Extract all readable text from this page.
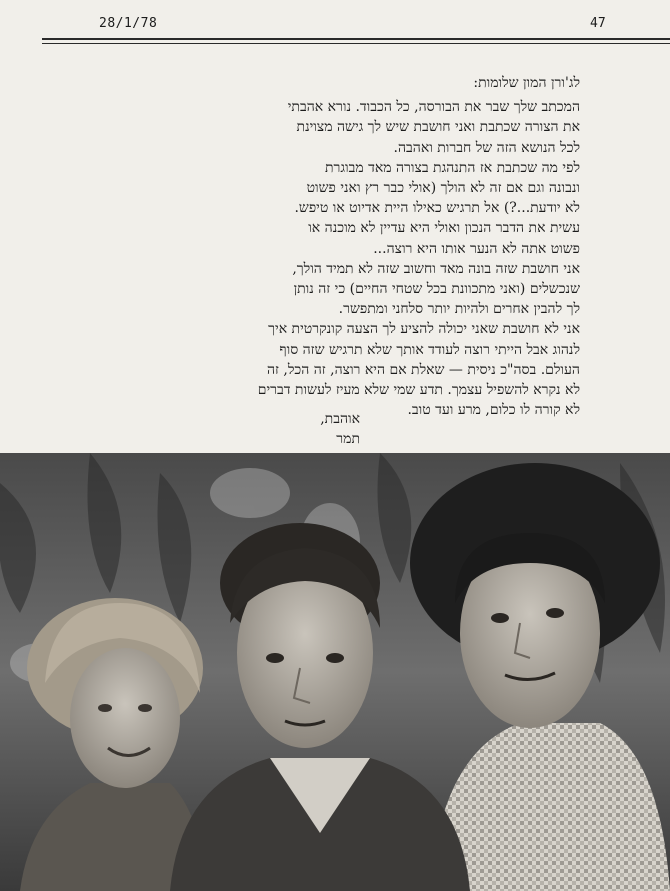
28/1/78	47
לג'ורן המון שלומות:
המכתב שלך שבר את הבורסה, כל הכבוד. נורא אהבתי
את הצורה שכתבת ואני חושבת שיש לך גישה מצוינת
לכל הנושא הזה של חברות ואהבה.
לפי מה שכתבת אז התנהגת בצורה מאד מבוגרת
ונבונה וגם אם זה לא הולך (אולי כבר רץ ואני פשוט
לא יודעת...?) אל תרגיש כאילו היית אדיוט או טיפש.
עשית את הדבר הנכון ואולי היא עדיין לא מוכנה או
פשוט אתה לא הנער אותו היא רוצה...
אני חושבת שזה בונה מאד וחשוב שזה לא תמיד הולך,
שנכשלים (ואני מתכוונת בכל שטחי החיים) כי זה נותן
לך להבין אחרים ולהיות יותר סלחני ומתפשר.
אני לא חושבת שאני יכולה להציע לך הצעה קונקרטית איך
לנהוג אבל הייתי רוצה לעודד אותך שלא תרגיש שזה סוף
העולם. בסה"כ ניסית — שאלת אם היא רוצה, זה הכל, זה
לא נקרא להשפיל עצמך. תדע שמי שלא מעיז לעשות דברים
לא קורה לו כלום, מרע ועד טוב.
אוהבת,
תמר
